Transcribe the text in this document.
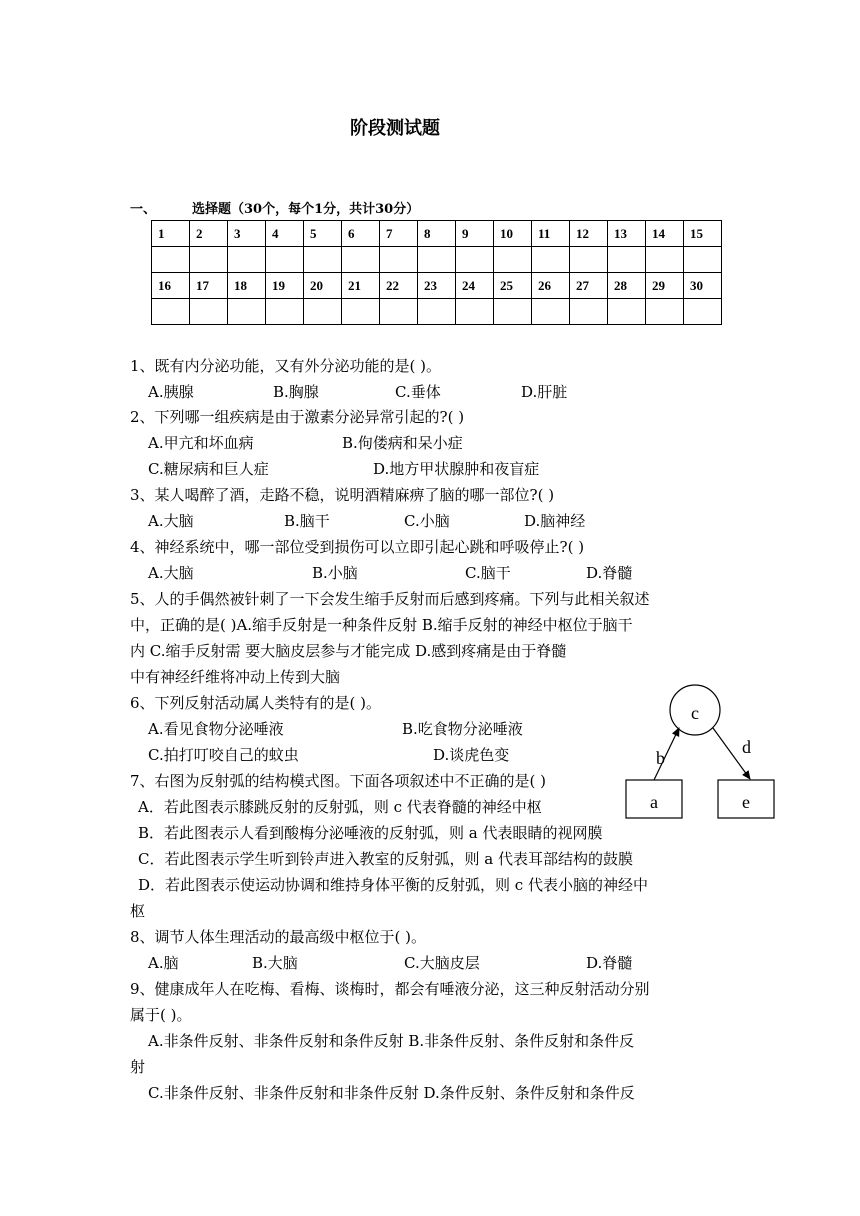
阶段测试题
一、	选择题（30个，每个1分，共计30分）
1	2	3	4	5	6	7	8	9	10	11	12	13	14	15

16	17	18	19	20	21	22	23	24	25	26	27	28	29	30

1、既有内分泌功能，又有外分泌功能的是( )。
A.胰腺	B.胸腺	C.垂体	D.肝脏
2、下列哪一组疾病是由于激素分泌异常引起的?( )
A.甲亢和坏血病	B.佝偻病和呆小症
C.糖尿病和巨人症	D.地方甲状腺肿和夜盲症
3、某人喝醉了酒，走路不稳，说明酒精麻痹了脑的哪一部位?( )
A.大脑	B.脑干	C.小脑	D.脑神经
4、神经系统中，哪一部位受到损伤可以立即引起心跳和呼吸停止?( )
A.大脑	B.小脑	C.脑干	D.脊髓
5、人的手偶然被针刺了一下会发生缩手反射而后感到疼痛。下列与此相关叙述
中，正确的是( )A.缩手反射是一种条件反射 B.缩手反射的神经中枢位于脑干
内 C.缩手反射需 要大脑皮层参与才能完成 D.感到疼痛是由于脊髓
中有神经纤维将冲动上传到大脑
6、下列反射活动属人类特有的是( )。
A.看见食物分泌唾液	B.吃食物分泌唾液
C.拍打叮咬自己的蚊虫	D.谈虎色变
7、右图为反射弧的结构模式图。下面各项叙述中不正确的是( )
A．若此图表示膝跳反射的反射弧，则 c 代表脊髓的神经中枢
B．若此图表示人看到酸梅分泌唾液的反射弧，则 a 代表眼睛的视网膜
C．若此图表示学生听到铃声进入教室的反射弧，则 a 代表耳部结构的鼓膜
D．若此图表示使运动协调和维持身体平衡的反射弧，则 c 代表小脑的神经中
枢
8、调节人体生理活动的最高级中枢位于( )。
A.脑	B.大脑	C.大脑皮层	D.脊髓
9、健康成年人在吃梅、看梅、谈梅时，都会有唾液分泌，这三种反射活动分别
属于( )。
A.非条件反射、非条件反射和条件反射 B.非条件反射、条件反射和条件反
射
C.非条件反射、非条件反射和非条件反射 D.条件反射、条件反射和条件反
c
a	e
b
d
